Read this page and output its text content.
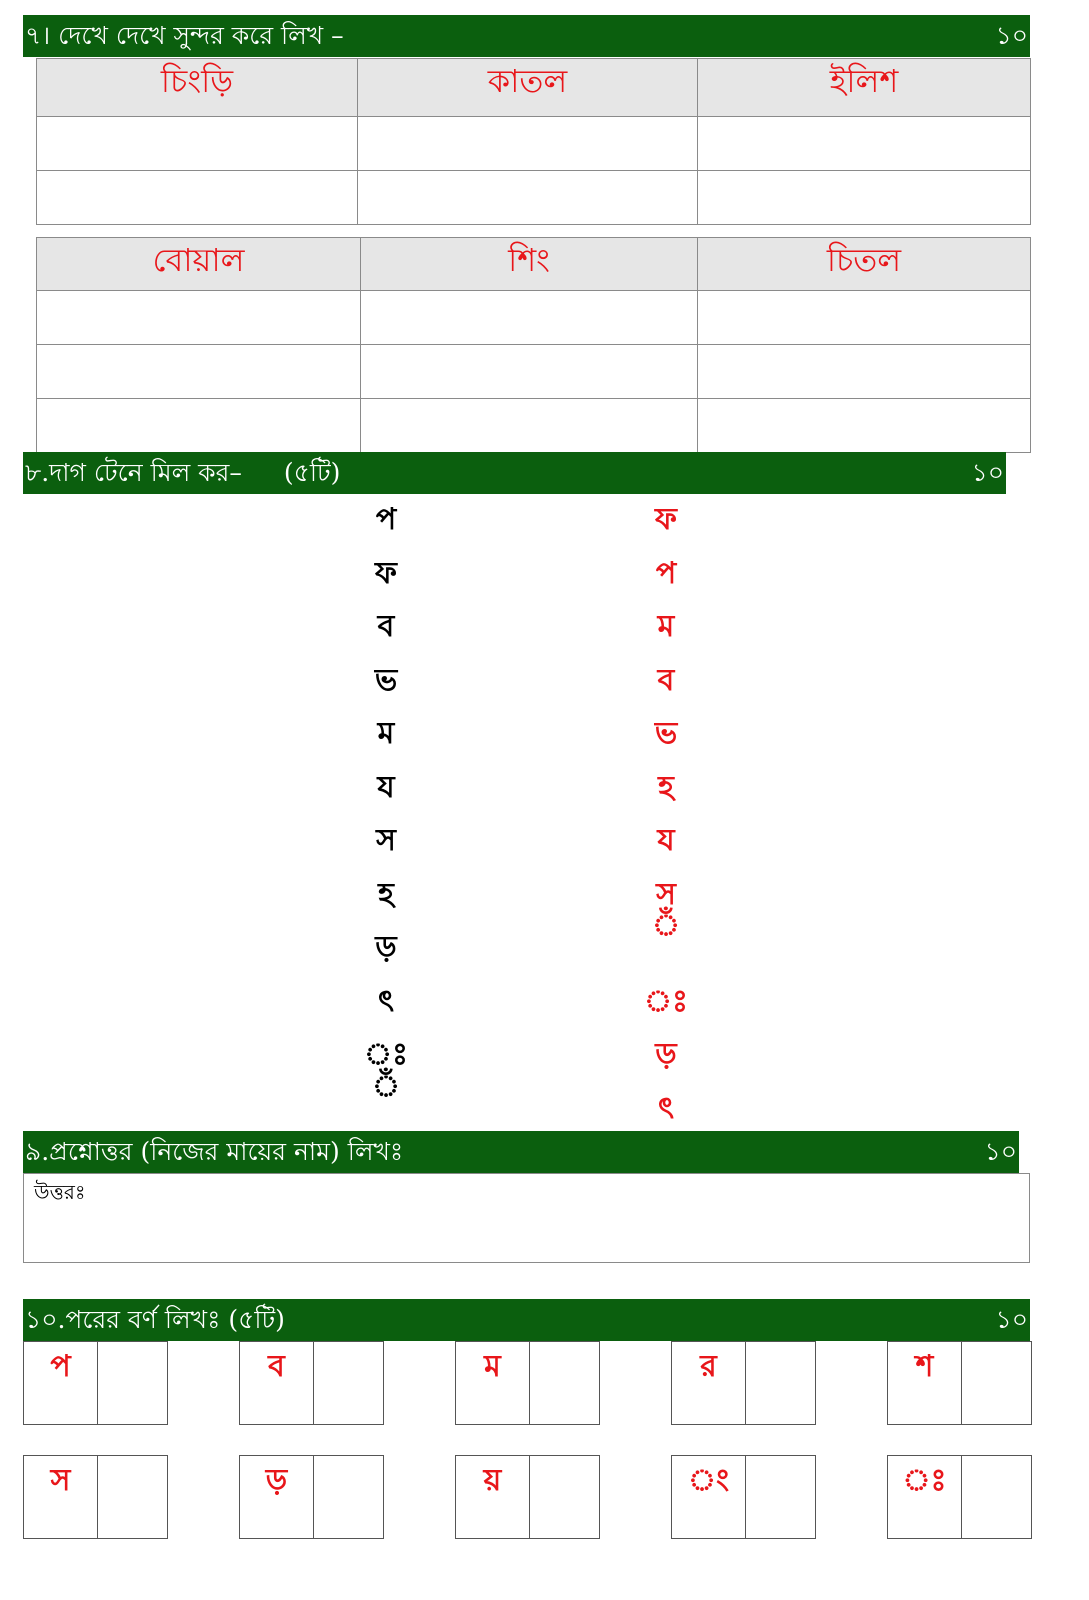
৭। দেখে দেখে সুন্দর করে লিখ –	১০
চিংড়ি	কাতল	ইলিশ

বোয়াল	শিং	চিতল

৮.দাগ টেনে মিল কর– (৫টি)	১০
প
ফ
ব
ভ
ম
য
স
হ
ড়
ৎ
ঃ
ঁ
ফ
প
ম
ব
ভ
হ
য
স
ঁ
ঃ
ড়
ৎ
৯.প্রশ্নোত্তর (নিজের মায়ের নাম) লিখঃ	১০
উত্তরঃ
১০.পরের বর্ণ লিখঃ (৫টি)	১০
প	ব	ম	র	শ
স	ড়	য়	ং	ঃ
